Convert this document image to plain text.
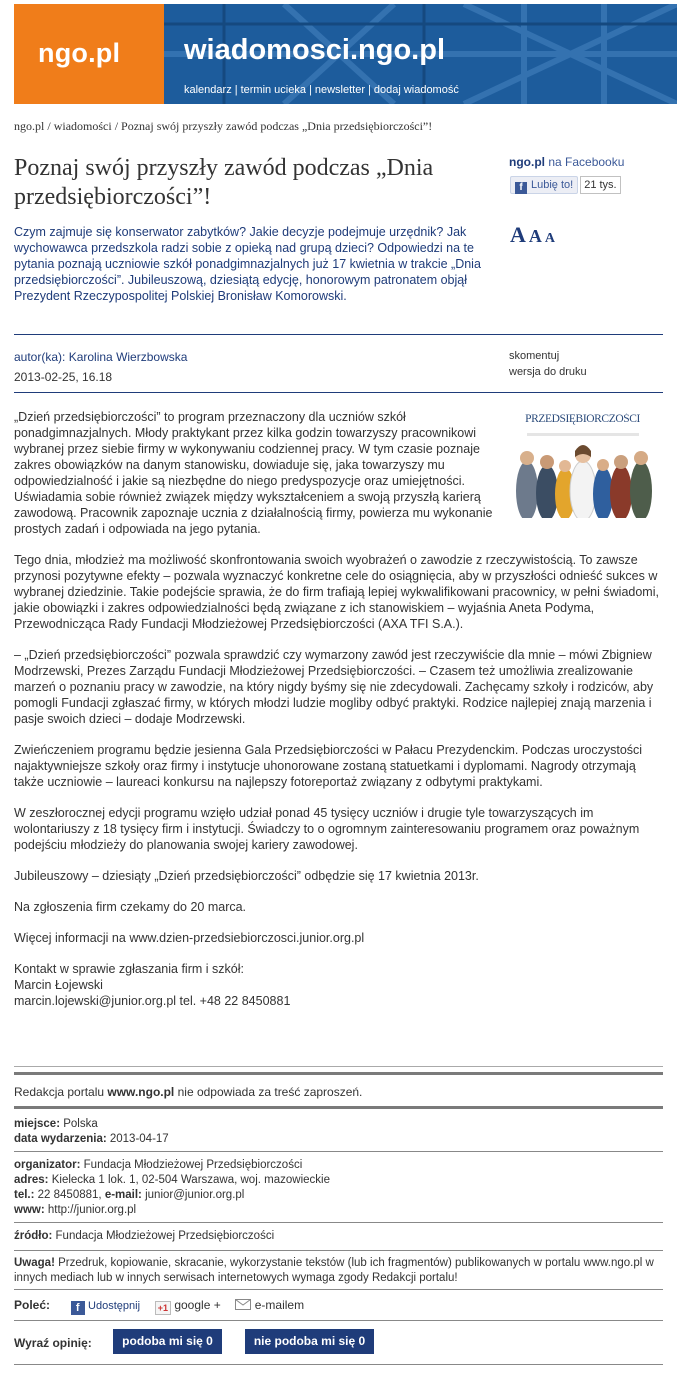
ngo.pl wiadomosci.ngo.pl
kalendarz | termin ucieka | newsletter | dodaj wiadomość
ngo.pl / wiadomości / Poznaj swój przyszły zawód podczas „Dnia przedsiębiorczości”!
Poznaj swój przyszły zawód podczas „Dnia przedsiębiorczości”!
ngo.pl na Facebooku
f Lubię to! 21 tys.
A A A
Czym zajmuje się konserwator zabytków? Jakie decyzje podejmuje urzędnik? Jak wychowawca przedszkola radzi sobie z opieką nad grupą dzieci? Odpowiedzi na te pytania poznają uczniowie szkół ponadgimnazjalnych już 17 kwietnia w trakcie „Dnia przedsiębiorczości”. Jubileuszową, dziesiątą edycję, honorowym patronatem objął Prezydent Rzeczypospolitej Polskiej Bronisław Komorowski.
autor(ka): Karolina Wierzbowska
2013-02-25, 16.18
skomentuj
wersja do druku
PRZEDSIĘBIORCZOŚCI

„Dzień przedsiębiorczości” to program przeznaczony dla uczniów szkół ponadgimnazjalnych. Młody praktykant przez kilka godzin towarzyszy pracownikowi wybranej przez siebie firmy w wykonywaniu codziennej pracy. W tym czasie poznaje zakres obowiązków na danym stanowisku, dowiaduje się, jaka towarzyszy mu odpowiedzialność i jakie są niezbędne do niego predyspozycje oraz umiejętności. Uświadamia sobie również związek między wykształceniem a swoją przyszłą karierą zawodową. Pracownik zapoznaje ucznia z działalnością firmy, powierza mu wykonanie prostych zadań i odpowiada na jego pytania.

Tego dnia, młodzież ma możliwość skonfrontowania swoich wyobrażeń o zawodzie z rzeczywistością. To zawsze przynosi pozytywne efekty – pozwala wyznaczyć konkretne cele do osiągnięcia, aby w przyszłości odnieść sukces w wybranej dziedzinie. Takie podejście sprawia, że do firm trafiają lepiej wykwalifikowani pracownicy, w pełni świadomi, jakie obowiązki i zakres odpowiedzialności będą związane z ich stanowiskiem – wyjaśnia Aneta Podyma, Przewodnicząca Rady Fundacji Młodzieżowej Przedsiębiorczości (AXA TFI S.A.).

– „Dzień przedsiębiorczości” pozwala sprawdzić czy wymarzony zawód jest rzeczywiście dla mnie – mówi Zbigniew Modrzewski, Prezes Zarządu Fundacji Młodzieżowej Przedsiębiorczości. – Czasem też umożliwia zrealizowanie marzeń o poznaniu pracy w zawodzie, na który nigdy byśmy się nie zdecydowali. Zachęcamy szkoły i rodziców, aby pomogli Fundacji zgłaszać firmy, w których młodzi ludzie mogliby odbyć praktyki. Rodzice najlepiej znają marzenia i pasje swoich dzieci – dodaje Modrzewski.

Zwieńczeniem programu będzie jesienna Gala Przedsiębiorczości w Pałacu Prezydenckim. Podczas uroczystości najaktywniejsze szkoły oraz firmy i instytucje uhonorowane zostaną statuetkami i dyplomami. Nagrody otrzymają także uczniowie – laureaci konkursu na najlepszy fotoreportaż związany z odbytymi praktykami.

W zeszłorocznej edycji programu wzięło udział ponad 45 tysięcy uczniów i drugie tyle towarzyszących im wolontariuszy z 18 tysięcy firm i instytucji. Świadczy to o ogromnym zainteresowaniu programem oraz poważnym podejściu młodzieży do planowania swojej kariery zawodowej.

Jubileuszowy – dziesiąty „Dzień przedsiębiorczości” odbędzie się 17 kwietnia 2013r.

Na zgłoszenia firm czekamy do 20 marca.

Więcej informacji na www.dzien-przedsiebiorczosci.junior.org.pl

Kontakt w sprawie zgłaszania firm i szkół:
Marcin Łojewski
marcin.lojewski@junior.org.pl tel. +48 22 8450881

Redakcja portalu www.ngo.pl nie odpowiada za treść zaproszeń.
miejsce: Polska
data wydarzenia: 2013-04-17
organizator: Fundacja Młodzieżowej Przedsiębiorczości
adres: Kielecka 1 lok. 1, 02-504 Warszawa, woj. mazowieckie
tel.: 22 8450881, e-mail: junior@junior.org.pl
www: http://junior.org.pl
źródło: Fundacja Młodzieżowej Przedsiębiorczości
Uwaga! Przedruk, kopiowanie, skracanie, wykorzystanie tekstów (lub ich fragmentów) publikowanych w portalu www.ngo.pl w innych mediach lub w innych serwisach internetowych wymaga zgody Redakcji portalu!
Poleć: f Udostępnij +1 google +	e-mailem
Wyraź opinię:	podoba mi się 0	nie podoba mi się 0
